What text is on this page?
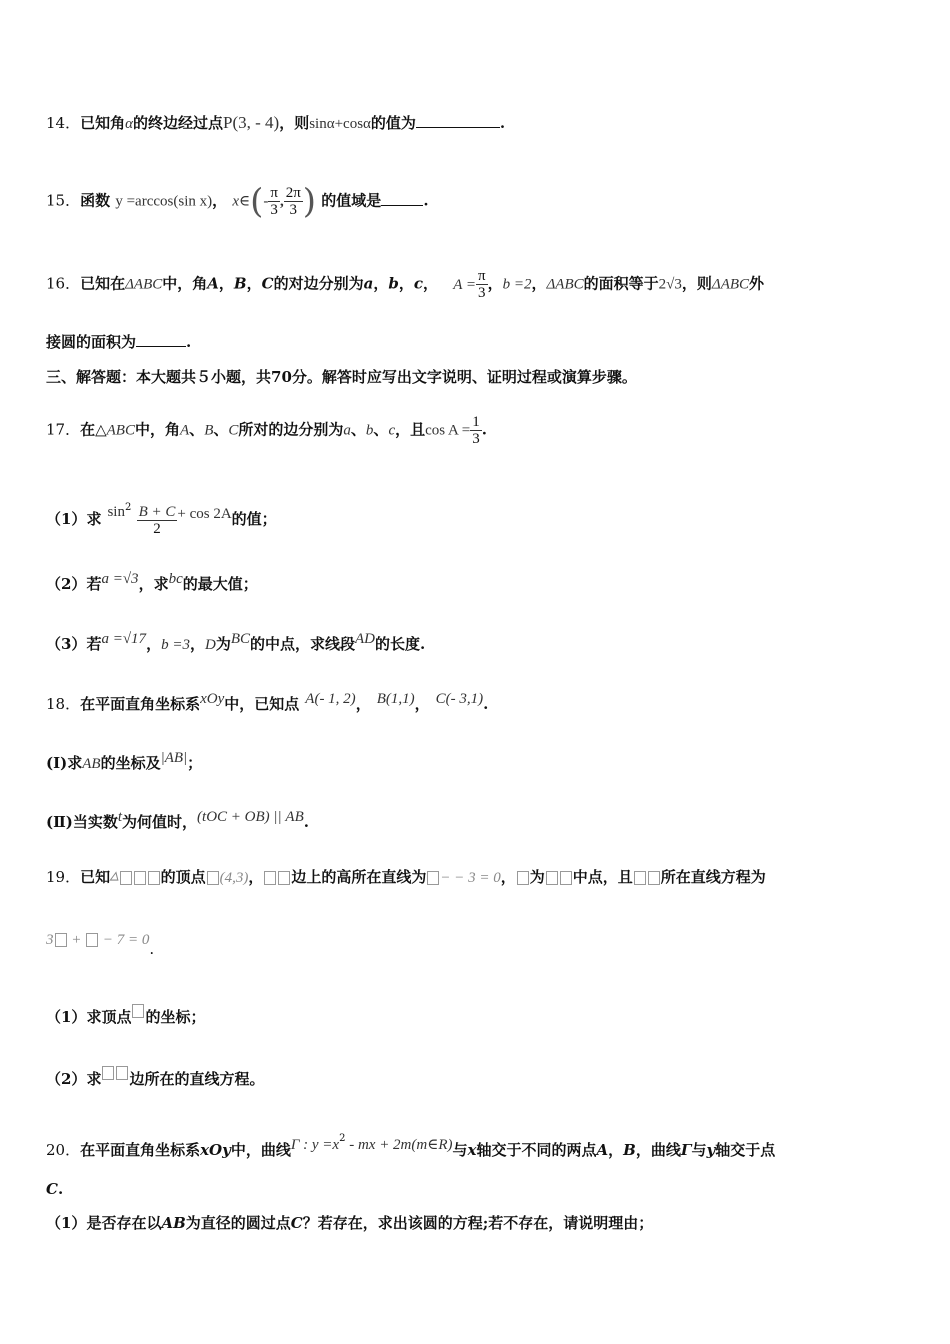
14．已知角α的终边经过点P(3, - 4)，则sinα+cosα的值为	.
15．函数 y =arccos(sin x)， x∈(- $\frac{\pi}{3}$ , $\frac{2\pi}{3}$ ) 的值域是	.
16．已知在ΔABC中，角A，B，C的对边分别为a，b，c， $A = \frac{\pi}{3}$ ，b =2，ΔABC的面积等于2√3，则ΔABC外
接圆的面积为	.
三、解答题：本大题共５小题，共70分。解答时应写出文字说明、证明过程或演算步骤。
17．在△ABC中，角A、B、C所对的边分别为a、b、c，且$\cos A = \frac{1}{3}$ .
（1）求 $\sin^2 \frac{B + C}{2} + \cos 2A$的值；
（2）若a =√3，求bc的最大值；
（3）若a =√17，b =3，D为BC的中点，求线段AD的长度.
18．在平面直角坐标系xOy中，已知点 A(- 1, 2)， B(1,1)， C(- 3,1).
(Ⅰ)求AB的坐标及|AB|；
(Ⅱ)当实数t为何值时，(tOC + OB) || AB.
19．已知△	的顶点 (4,3)， 边上的高所在直线为 − − 3 = 0， 为 中点，且 所在直线方程为
3 +  − 7 = 0.
（1）求顶点 的坐标；
（2）求 边所在的直线方程。
20．在平面直角坐标系xOy中，曲线Γ : $y =x^2$ - mx + 2m(m∈R)与x轴交于不同的两点A，B，曲线Γ与y轴交于点
C.
（1）是否存在以AB为直径的圆过点C？若存在，求出该圆的方程;若不存在，请说明理由；
